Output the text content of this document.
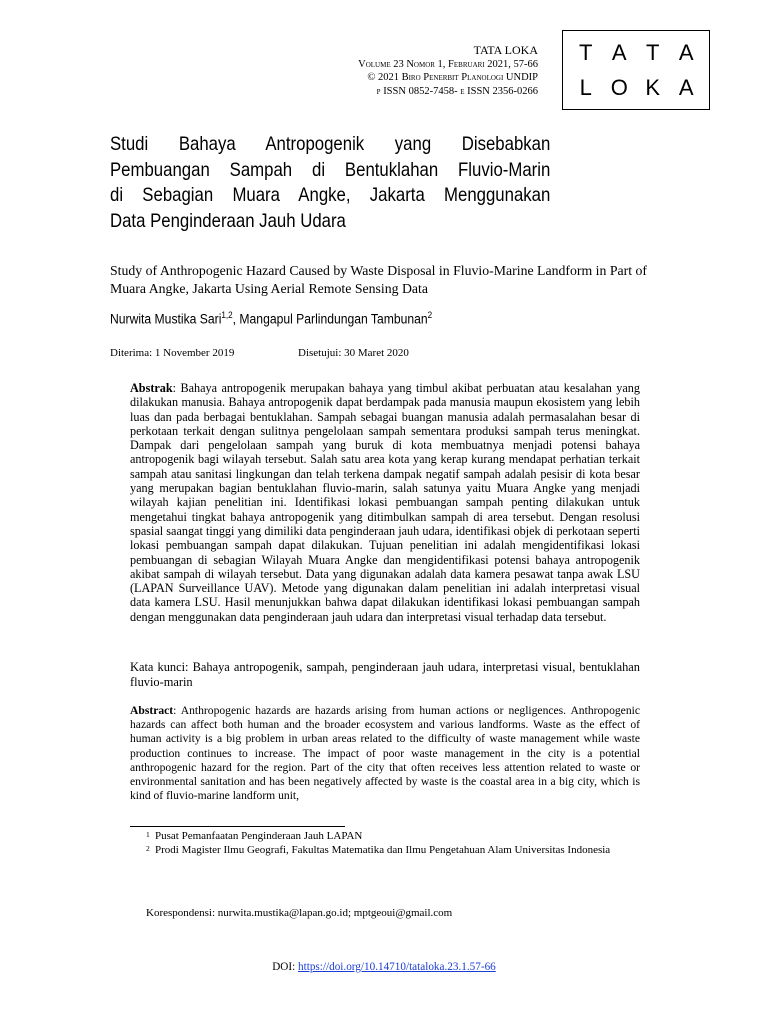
TATA LOKA
Volume 23 Nomor 1, Februari 2021, 57-66
© 2021 Biro Penerbit Planologi UNDIP
p ISSN 0852-7458- e ISSN 2356-0266
T A T A
L O K A
Studi Bahaya Antropogenik yang Disebabkan
Pembuangan Sampah di Bentuklahan Fluvio-Marin
di Sebagian Muara Angke, Jakarta Menggunakan
Data Penginderaan Jauh Udara
Study of Anthropogenic Hazard Caused by Waste Disposal in Fluvio-Marine Landform in Part of Muara Angke, Jakarta Using Aerial Remote Sensing Data
Nurwita Mustika Sari$^{1,2}$, Mangapul Parlindungan Tambunan$^2$
Diterima: 1 November 2019	Disetujui: 30 Maret 2020

Abstrak: Bahaya antropogenik merupakan bahaya yang timbul akibat perbuatan atau kesalahan yang dilakukan manusia. Bahaya antropogenik dapat berdampak pada manusia maupun ekosistem yang lebih luas dan pada berbagai bentuklahan. Sampah sebagai buangan manusia adalah permasalahan besar di perkotaan terkait dengan sulitnya pengelolaan sampah sementara produksi sampah terus meningkat. Dampak dari pengelolaan sampah yang buruk di kota membuatnya menjadi potensi bahaya antropogenik bagi wilayah tersebut. Salah satu area kota yang kerap kurang mendapat perhatian terkait sampah atau sanitasi lingkungan dan telah terkena dampak negatif sampah adalah pesisir di kota besar yang merupakan bagian bentuklahan fluvio-marin, salah satunya yaitu Muara Angke yang menjadi wilayah kajian penelitian ini. Identifikasi lokasi pembuangan sampah penting dilakukan untuk mengetahui tingkat bahaya antropogenik yang ditimbulkan sampah di area tersebut. Dengan resolusi spasial saangat tinggi yang dimiliki data penginderaan jauh udara, identifikasi objek di perkotaan seperti lokasi pembuangan sampah dapat dilakukan. Tujuan penelitian ini adalah mengidentifikasi lokasi pembuangan di sebagian Wilayah Muara Angke dan mengidentifikasi potensi bahaya antropogenik akibat sampah di wilayah tersebut. Data yang digunakan adalah data kamera pesawat tanpa awak LSU (LAPAN Surveillance UAV). Metode yang digunakan dalam penelitian ini adalah interpretasi visual data kamera LSU. Hasil menunjukkan bahwa dapat dilakukan identifikasi lokasi pembuangan sampah dengan menggunakan data penginderaan jauh udara dan interpretasi visual terhadap data tersebut.

Kata kunci: Bahaya antropogenik, sampah, penginderaan jauh udara, interpretasi visual, bentuklahan fluvio-marin

Abstract: Anthropogenic hazards are hazards arising from human actions or negligences. Anthropogenic hazards can affect both human and the broader ecosystem and various landforms. Waste as the effect of human activity is a big problem in urban areas related to the difficulty of waste management while waste production continues to increase. The impact of poor waste management in the city is a potential anthropogenic hazard for the region. Part of the city that often receives less attention related to waste or environmental sanitation and has been negatively affected by waste is the coastal area in a big city, which is kind of fluvio-marine landform unit,

1 Pusat Pemanfaatan Penginderaan Jauh LAPAN
2 Prodi Magister Ilmu Geografi, Fakultas Matematika dan Ilmu Pengetahuan Alam Universitas Indonesia
Korespondensi: nurwita.mustika@lapan.go.id; mptgeoui@gmail.com
DOI: https://doi.org/10.14710/tataloka.23.1.57-66
